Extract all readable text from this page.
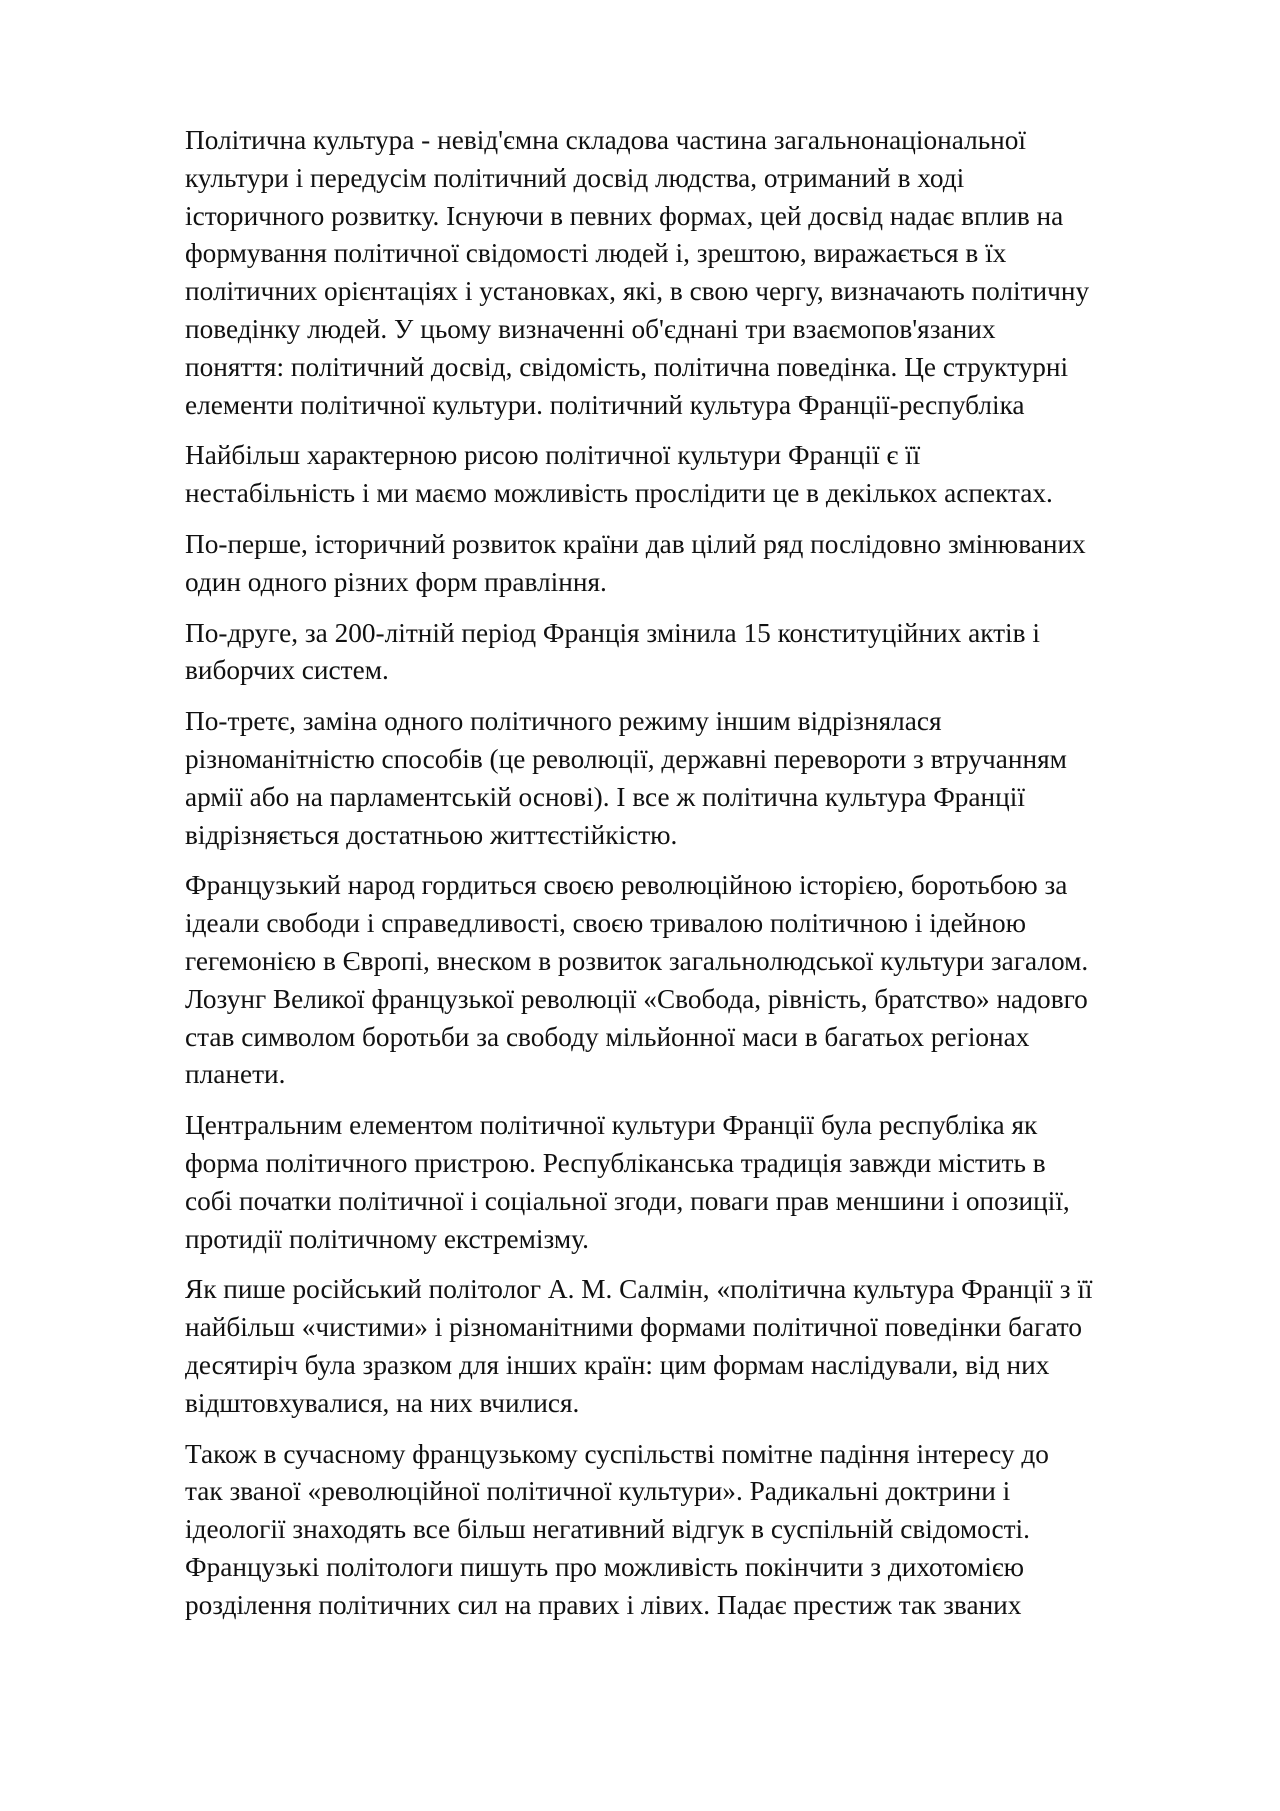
Політична культура - невід'ємна складова частина загальнонаціональної
культури і передусім політичний досвід людства, отриманий в ході
історичного розвитку. Існуючи в певних формах, цей досвід надає вплив на
формування політичної свідомості людей і, зрештою, виражається в їх
політичних орієнтаціях і установках, які, в свою чергу, визначають політичну
поведінку людей. У цьому визначенні об'єднані три взаємопов'язаних
поняття: політичний досвід, свідомість, політична поведінка. Це структурні
елементи політичної культури. політичний культура Франції-республіка

Найбільш характерною рисою політичної культури Франції є її
нестабільність і ми маємо можливість прослідити це в декількох аспектах.

По-перше, історичний розвиток країни дав цілий ряд послідовно змінюваних
один одного різних форм правління.

По-друге, за 200-літній період Франція змінила 15 конституційних актів і
виборчих систем.

По-третє, заміна одного політичного режиму іншим відрізнялася
різноманітністю способів (це революції, державні перевороти з втручанням
армії або на парламентській основі). І все ж політична культура Франції
відрізняється достатньою життєстійкістю.

Французький народ гордиться своєю революційною історією, боротьбою за
ідеали свободи і справедливості, своєю тривалою політичною і ідейною
гегемонією в Європі, внеском в розвиток загальнолюдської культури загалом.
Лозунг Великої французької революції «Свобода, рівність, братство» надовго
став символом боротьби за свободу мільйонної маси в багатьох регіонах
планети.

Центральним елементом політичної культури Франції була республіка як
форма політичного пристрою. Республіканська традиція завжди містить в
собі початки політичної і соціальної згоди, поваги прав меншини і опозиції,
протидії політичному екстремізму.

Як пише російський політолог А. М. Салмін, «політична культура Франції з її
найбільш «чистими» і різноманітними формами політичної поведінки багато
десятиріч була зразком для інших країн: цим формам наслідували, від них
відштовхувалися, на них вчилися.

Також в сучасному французькому суспільстві помітне падіння інтересу до
так званої «революційної політичної культури». Радикальні доктрини і
ідеології знаходять все більш негативний відгук в суспільній свідомості.
Французькі політологи пишуть про можливість покінчити з дихотомією
розділення політичних сил на правих і лівих. Падає престиж так званих
